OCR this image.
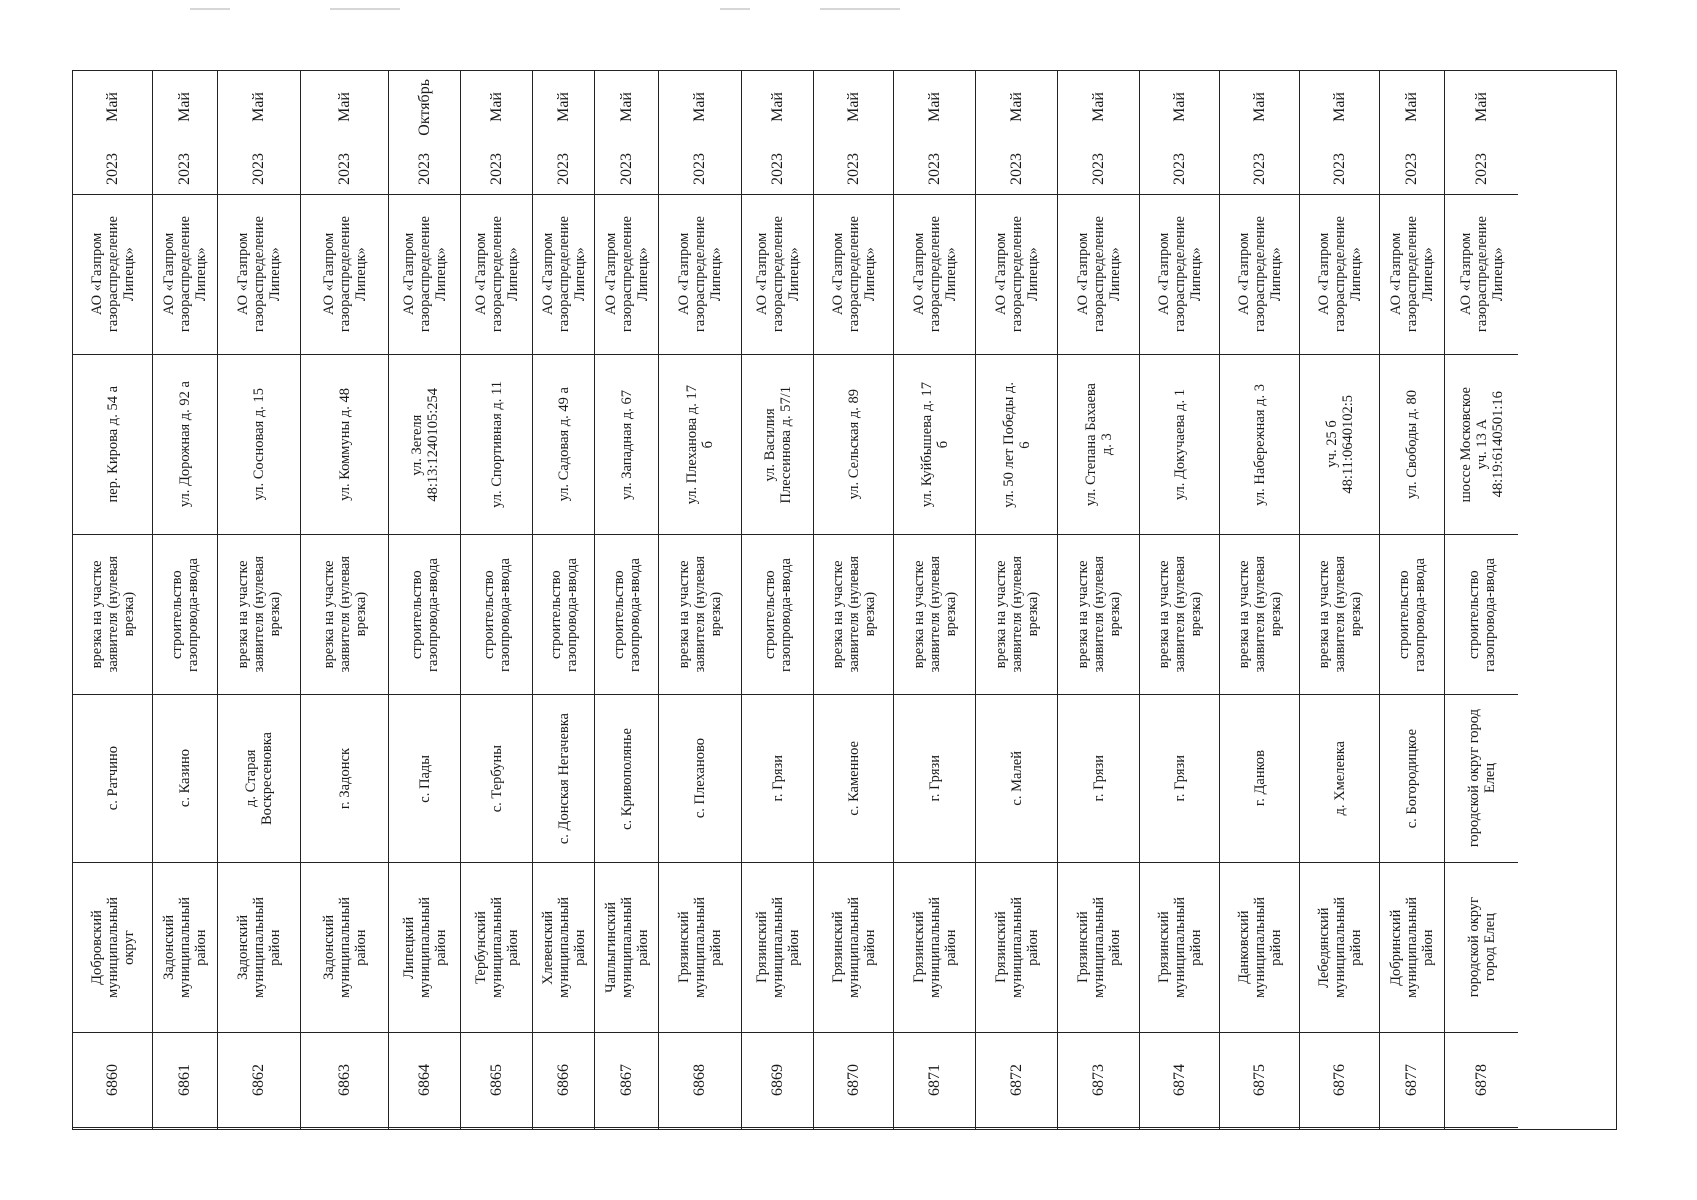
6860
Добровский
муниципальный
округ
с. Ратчино
врезка на участке
заявителя (нулевая
врезка)
пер. Кирова д. 54 а
АО «Газпром
газораспределение
Липецк»
2023
Май
6861
Задонский
муниципальный
район
с. Казино
строительство
газопровода-ввода
ул. Дорожная д. 92 а
АО «Газпром
газораспределение
Липецк»
2023
Май
6862
Задонский
муниципальный
район
д. Старая
Воскресеновка
врезка на участке
заявителя (нулевая
врезка)
ул. Сосновая д. 15
АО «Газпром
газораспределение
Липецк»
2023
Май
6863
Задонский
муниципальный
район
г. Задонск
врезка на участке
заявителя (нулевая
врезка)
ул. Коммуны д. 48
АО «Газпром
газораспределение
Липецк»
2023
Май
6864
Липецкий
муниципальный
район
с. Пады
строительство
газопровода-ввода
ул. Зегеля
48:13:1240105:254
АО «Газпром
газораспределение
Липецк»
2023
Октябрь
6865
Тербунский
муниципальный
район
с. Тербуны
строительство
газопровода-ввода
ул. Спортивная д. 11
АО «Газпром
газораспределение
Липецк»
2023
Май
6866
Хлевенский
муниципальный
район
с. Донская Негачевка
строительство
газопровода-ввода
ул. Садовая д. 49 а
АО «Газпром
газораспределение
Липецк»
2023
Май
6867
Чаплыгинский
муниципальный
район
с. Кривополянье
строительство
газопровода-ввода
ул. Западная д. 67
АО «Газпром
газораспределение
Липецк»
2023
Май
6868
Грязинский
муниципальный
район
с. Плеханово
врезка на участке
заявителя (нулевая
врезка)
ул. Плеханова д. 17
б
АО «Газпром
газораспределение
Липецк»
2023
Май
6869
Грязинский
муниципальный
район
г. Грязи
строительство
газопровода-ввода
ул. Василия
Плесеинова д. 57/1
АО «Газпром
газораспределение
Липецк»
2023
Май
6870
Грязинский
муниципальный
район
с. Каменное
врезка на участке
заявителя (нулевая
врезка)
ул. Сельская д. 89
АО «Газпром
газораспределение
Липецк»
2023
Май
6871
Грязинский
муниципальный
район
г. Грязи
врезка на участке
заявителя (нулевая
врезка)
ул. Куйбышева д. 17
б
АО «Газпром
газораспределение
Липецк»
2023
Май
6872
Грязинский
муниципальный
район
с. Малей
врезка на участке
заявителя (нулевая
врезка)
ул. 50 лет Победы д.
6
АО «Газпром
газораспределение
Липецк»
2023
Май
6873
Грязинский
муниципальный
район
г. Грязи
врезка на участке
заявителя (нулевая
врезка)
ул. Степана Бахаева
д. 3
АО «Газпром
газораспределение
Липецк»
2023
Май
6874
Грязинский
муниципальный
район
г. Грязи
врезка на участке
заявителя (нулевая
врезка)
ул. Докучаева д. 1
АО «Газпром
газораспределение
Липецк»
2023
Май
6875
Данковский
муниципальный
район
г. Данков
врезка на участке
заявителя (нулевая
врезка)
ул. Набережная д. 3
АО «Газпром
газораспределение
Липецк»
2023
Май
6876
Лебедянский
муниципальный
район
д. Хмелевка
врезка на участке
заявителя (нулевая
врезка)
уч. 25 б
48:11:0640102:5
АО «Газпром
газораспределение
Липецк»
2023
Май
6877
Добринский
муниципальный
район
с. Богородицкое
строительство
газопровода-ввода
ул. Свободы д. 80
АО «Газпром
газораспределение
Липецк»
2023
Май
6878
городской округ
город Елец
городской округ город
Елец
строительство
газопровода-ввода
шоссе Московское
уч. 13 А
48:19:6140501:16
АО «Газпром
газораспределение
Липецк»
2023
Май
